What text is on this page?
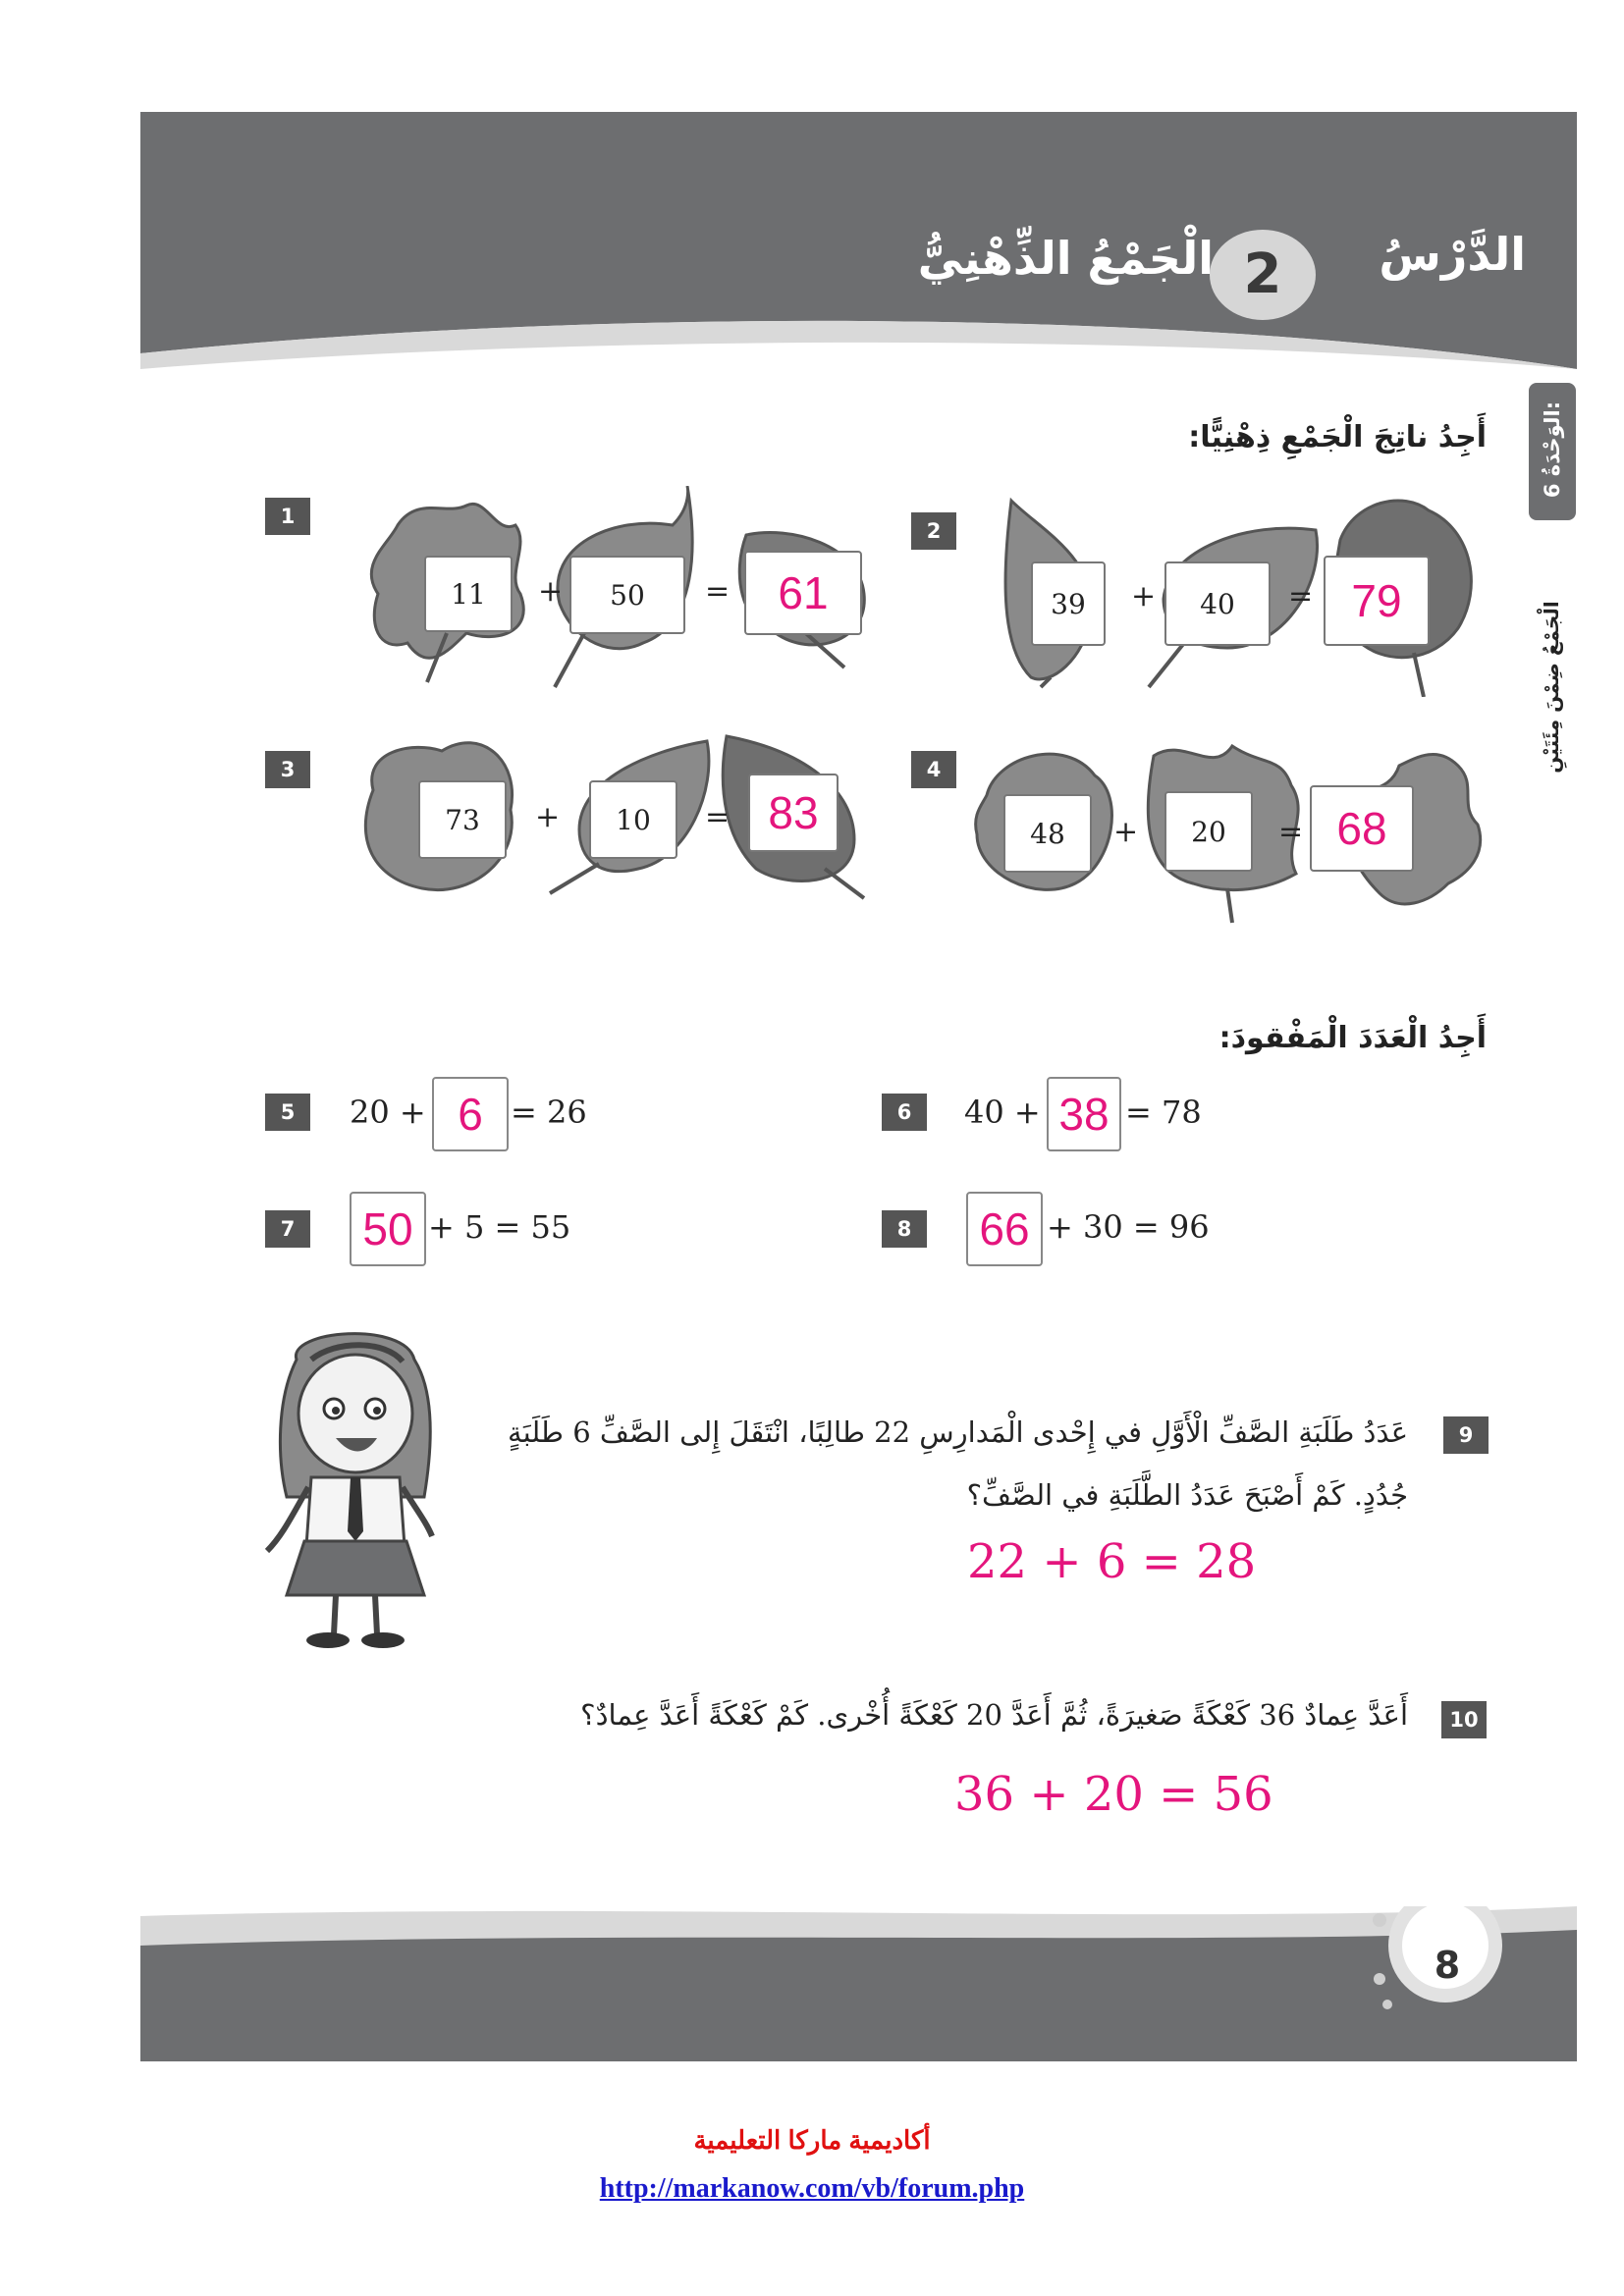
الدَّرْسُ
2
الْجَمْعُ الذِّهْنِيُّ
الوَحْدَةُ 6:
الْجَمْعُ ضِمْنَ مِئَتَيْنِ
أَجِدُ ناتِجَ الْجَمْعِ ذِهْنِيًّا:
1
11	+	50	=	61
2
39	+	40	= 79
3
73	+	10	= 83
4
48	+	20	= 68
أَجِدُ الْعَدَدَ الْمَفْقودَ:
5	20 + 6 = 26	6	40 + 38 = 78
7	50 + 5 = 55	8	66 + 30 = 96
9
عَدَدُ طَلَبَةِ الصَّفِّ الْأَوَّلِ في إِحْدى الْمَدارِسِ 22 طالِبًا، انْتَقَلَ إِلى الصَّفِّ 6 طَلَبَةٍ
جُدُدٍ. كَمْ أَصْبَحَ عَدَدُ الطَّلَبَةِ في الصَّفِّ؟
22 + 6 = 28
10
أَعَدَّ عِمادٌ 36 كَعْكَةً صَغيرَةً، ثُمَّ أَعَدَّ 20 كَعْكَةً أُخْرى. كَمْ كَعْكَةً أَعَدَّ عِمادٌ؟
36 + 20 = 56
8
أكاديمية ماركا التعليمية
http://markanow.com/vb/forum.php
